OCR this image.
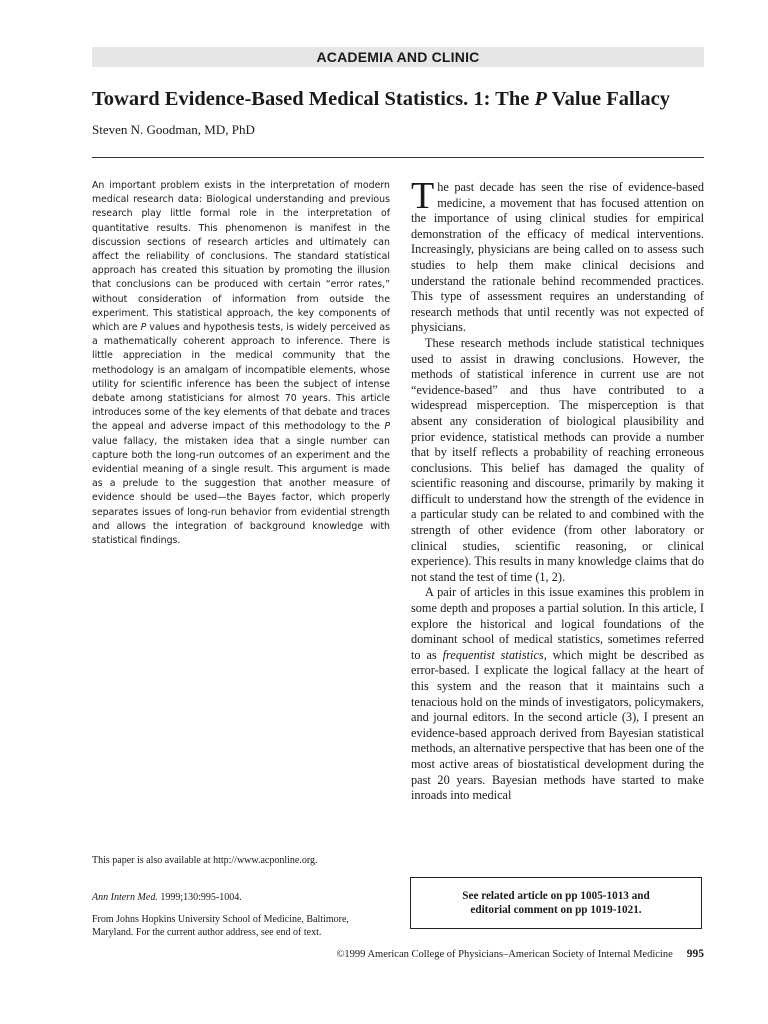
ACADEMIA AND CLINIC
Toward Evidence-Based Medical Statistics. 1: The P Value Fallacy
Steven N. Goodman, MD, PhD
An important problem exists in the interpretation of modern medical research data: Biological understanding and previous research play little formal role in the interpretation of quantitative results. This phenomenon is manifest in the discussion sections of research articles and ultimately can affect the reliability of conclusions. The standard statistical approach has created this situation by promoting the illusion that conclusions can be produced with certain “error rates,” without consideration of information from outside the experiment. This statistical approach, the key components of which are P values and hypothesis tests, is widely perceived as a mathematically coherent approach to inference. There is little appreciation in the medical community that the methodology is an amalgam of incompatible elements, whose utility for scientific inference has been the subject of intense debate among statisticians for almost 70 years. This article introduces some of the key elements of that debate and traces the appeal and adverse impact of this methodology to the P value fallacy, the mistaken idea that a single number can capture both the long-run outcomes of an experiment and the evidential meaning of a single result. This argument is made as a prelude to the suggestion that another measure of evidence should be used—the Bayes factor, which properly separates issues of long-run behavior from evidential strength and allows the integration of background knowledge with statistical findings.

The past decade has seen the rise of evidence-based medicine, a movement that has focused attention on the importance of using clinical studies for empirical demonstration of the efficacy of medical interventions. Increasingly, physicians are being called on to assess such studies to help them make clinical decisions and understand the rationale behind recommended practices. This type of assessment requires an understanding of research methods that until recently was not expected of physicians.

These research methods include statistical techniques used to assist in drawing conclusions. However, the methods of statistical inference in current use are not “evidence-based” and thus have contributed to a widespread misperception. The misperception is that absent any consideration of biological plausibility and prior evidence, statistical methods can provide a number that by itself reflects a probability of reaching erroneous conclusions. This belief has damaged the quality of scientific reasoning and discourse, primarily by making it difficult to understand how the strength of the evidence in a particular study can be related to and combined with the strength of other evidence (from other laboratory or clinical studies, scientific reasoning, or clinical experience). This results in many knowledge claims that do not stand the test of time (1, 2).

A pair of articles in this issue examines this problem in some depth and proposes a partial solution. In this article, I explore the historical and logical foundations of the dominant school of medical statistics, sometimes referred to as frequentist statistics, which might be described as error-based. I explicate the logical fallacy at the heart of this system and the reason that it maintains such a tenacious hold on the minds of investigators, policymakers, and journal editors. In the second article (3), I present an evidence-based approach derived from Bayesian statistical methods, an alternative perspective that has been one of the most active areas of biostatistical development during the past 20 years. Bayesian methods have started to make inroads into medical

This paper is also available at http://www.acponline.org.
Ann Intern Med. 1999;130:995-1004.
From Johns Hopkins University School of Medicine, Baltimore, Maryland. For the current author address, see end of text.
See related article on pp 1005-1013 and
editorial comment on pp 1019-1021.
©1999 American College of Physicians–American Society of Internal Medicine 995
